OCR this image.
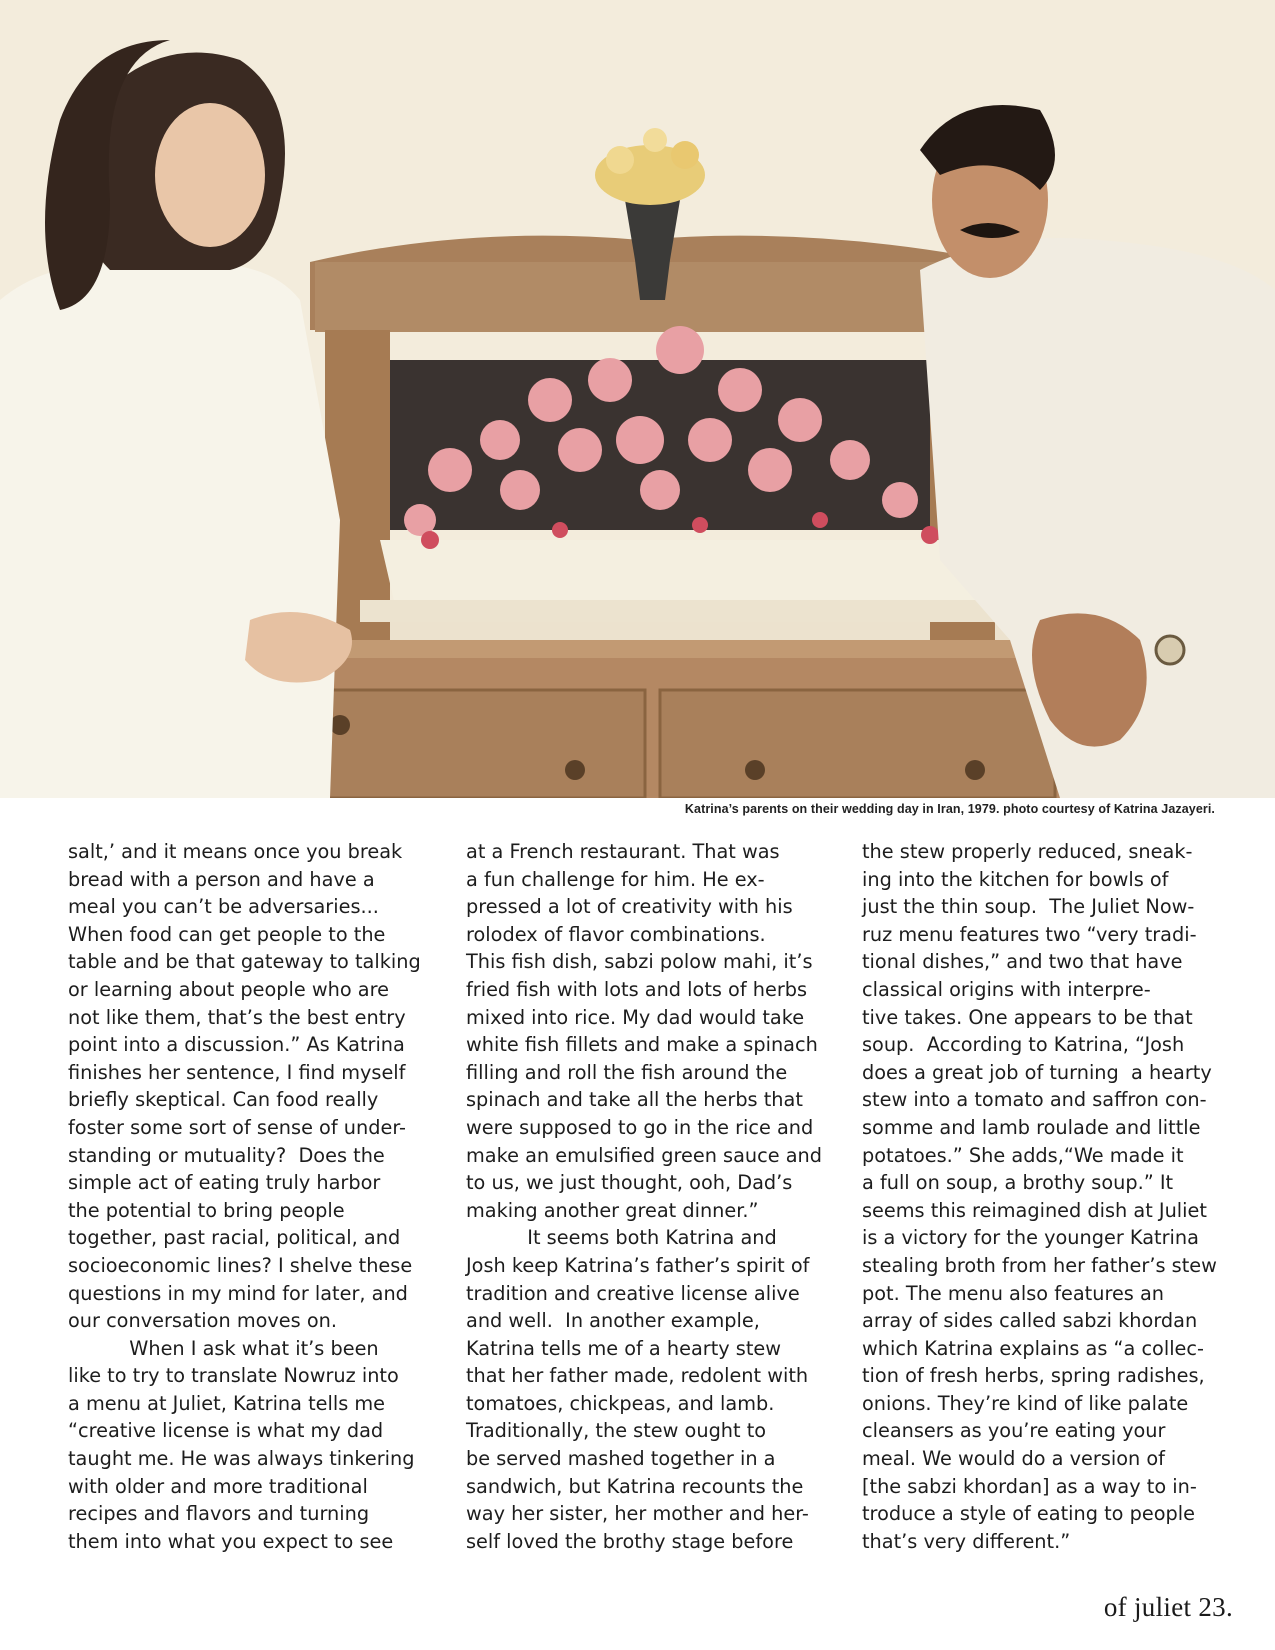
Katrina’s parents on their wedding day in Iran, 1979. photo courtesy of Katrina Jazayeri.
salt,’ and it means once you break
bread with a person and have a
meal you can’t be adversaries...
When food can get people to the
table and be that gateway to talking
or learning about people who are
not like them, that’s the best entry
point into a discussion.” As Katrina
finishes her sentence, I find myself
briefly skeptical. Can food really
foster some sort of sense of under-
standing or mutuality?  Does the
simple act of eating truly harbor
the potential to bring people
together, past racial, political, and
socioeconomic lines? I shelve these
questions in my mind for later, and
our conversation moves on.
When I ask what it’s been
like to try to translate Nowruz into
a menu at Juliet, Katrina tells me
“creative license is what my dad
taught me. He was always tinkering
with older and more traditional
recipes and flavors and turning
them into what you expect to see
at a French restaurant. That was
a fun challenge for him. He ex-
pressed a lot of creativity with his
rolodex of flavor combinations.
This fish dish, sabzi polow mahi, it’s
fried fish with lots and lots of herbs
mixed into rice. My dad would take
white fish fillets and make a spinach
filling and roll the fish around the
spinach and take all the herbs that
were supposed to go in the rice and
make an emulsified green sauce and
to us, we just thought, ooh, Dad’s
making another great dinner.”
It seems both Katrina and
Josh keep Katrina’s father’s spirit of
tradition and creative license alive
and well.  In another example,
Katrina tells me of a hearty stew
that her father made, redolent with
tomatoes, chickpeas, and lamb.
Traditionally, the stew ought to
be served mashed together in a
sandwich, but Katrina recounts the
way her sister, her mother and her-
self loved the brothy stage before
the stew properly reduced, sneak-
ing into the kitchen for bowls of
just the thin soup.  The Juliet Now-
ruz menu features two “very tradi-
tional dishes,” and two that have
classical origins with interpre-
tive takes. One appears to be that
soup.  According to Katrina, “Josh
does a great job of turning  a hearty
stew into a tomato and saffron con-
somme and lamb roulade and little
potatoes.” She adds,“We made it
a full on soup, a brothy soup.” It
seems this reimagined dish at Juliet
is a victory for the younger Katrina
stealing broth from her father’s stew
pot. The menu also features an
array of sides called sabzi khordan
which Katrina explains as “a collec-
tion of fresh herbs, spring radishes,
onions. They’re kind of like palate
cleansers as you’re eating your
meal. We would do a version of
[the sabzi khordan] as a way to in-
troduce a style of eating to people
that’s very different.”
of juliet 23.
